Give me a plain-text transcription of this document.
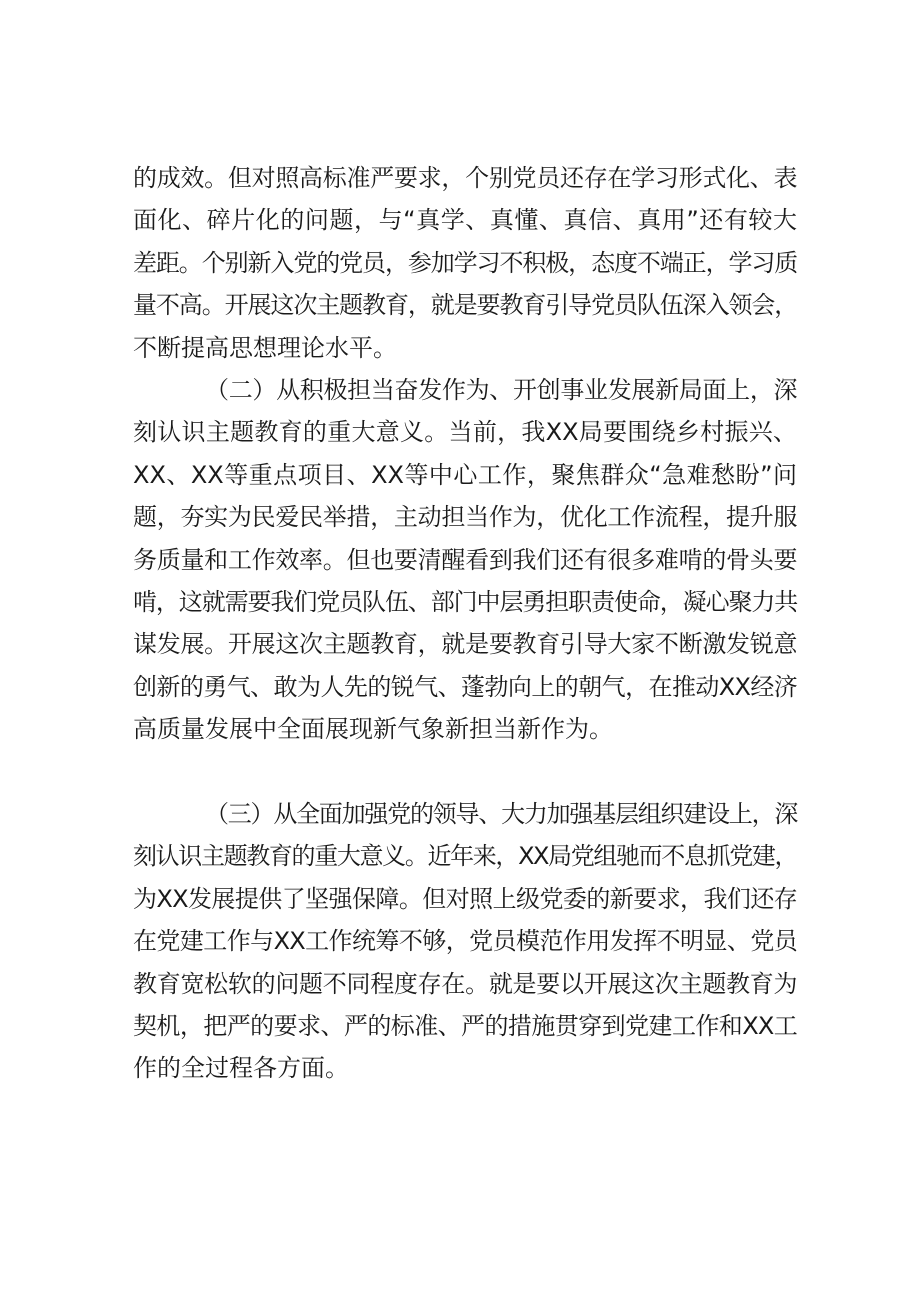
的成效。但对照高标准严要求，个别党员还存在学习形式化、表
面化、碎片化的问题，与“真学、真懂、真信、真用”还有较大
差距。个别新入党的党员，参加学习不积极，态度不端正，学习质
量不高。开展这次主题教育，就是要教育引导党员队伍深入领会，
不断提高思想理论水平。
（二）从积极担当奋发作为、开创事业发展新局面上，深
刻认识主题教育的重大意义。当前，我XX局要围绕乡村振兴、
XX、XX等重点项目、XX等中心工作，聚焦群众“急难愁盼”问
题，夯实为民爱民举措，主动担当作为，优化工作流程，提升服
务质量和工作效率。但也要清醒看到我们还有很多难啃的骨头要
啃，这就需要我们党员队伍、部门中层勇担职责使命，凝心聚力共
谋发展。开展这次主题教育，就是要教育引导大家不断激发锐意
创新的勇气、敢为人先的锐气、蓬勃向上的朝气，在推动XX经济
高质量发展中全面展现新气象新担当新作为。
（三）从全面加强党的领导、大力加强基层组织建设上，深
刻认识主题教育的重大意义。近年来，XX局党组驰而不息抓党建，
为XX发展提供了坚强保障。但对照上级党委的新要求，我们还存
在党建工作与XX工作统筹不够，党员模范作用发挥不明显、党员
教育宽松软的问题不同程度存在。就是要以开展这次主题教育为
契机，把严的要求、严的标准、严的措施贯穿到党建工作和XX工
作的全过程各方面。
